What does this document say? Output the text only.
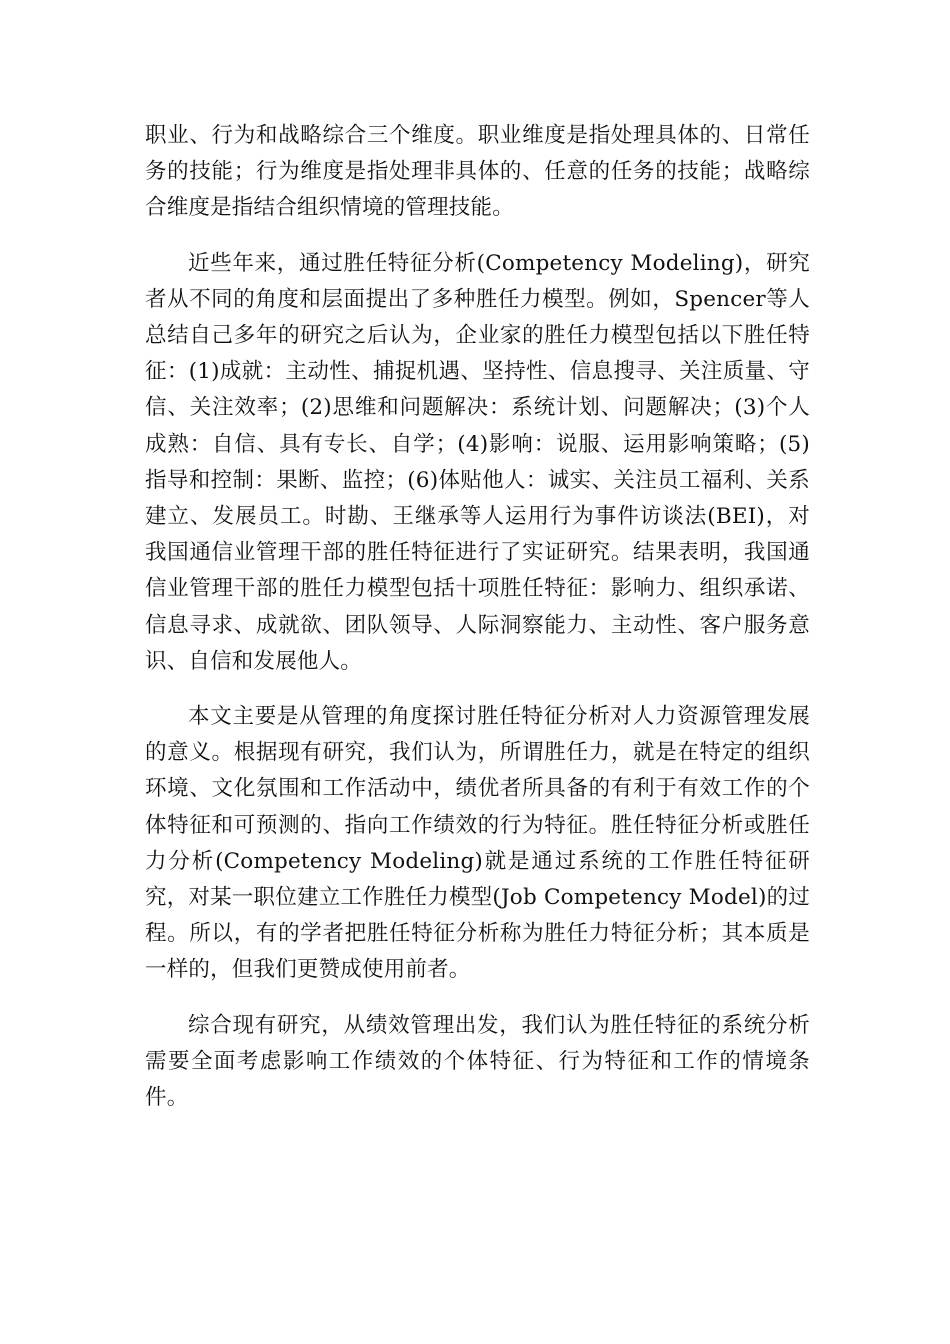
职业、行为和战略综合三个维度。职业维度是指处理具体的、日常任务的技能；行为维度是指处理非具体的、任意的任务的技能；战略综合维度是指结合组织情境的管理技能。

近些年来，通过胜任特征分析(Competency Modeling)，研究者从不同的角度和层面提出了多种胜任力模型。例如，Spencer等人总结自己多年的研究之后认为，企业家的胜任力模型包括以下胜任特征：(1)成就：主动性、捕捉机遇、坚持性、信息搜寻、关注质量、守信、关注效率；(2)思维和问题解决：系统计划、问题解决；(3)个人成熟：自信、具有专长、自学；(4)影响：说服、运用影响策略；(5)指导和控制：果断、监控；(6)体贴他人：诚实、关注员工福利、关系建立、发展员工。时勘、王继承等人运用行为事件访谈法(BEI)，对我国通信业管理干部的胜任特征进行了实证研究。结果表明，我国通信业管理干部的胜任力模型包括十项胜任特征：影响力、组织承诺、信息寻求、成就欲、团队领导、人际洞察能力、主动性、客户服务意识、自信和发展他人。

本文主要是从管理的角度探讨胜任特征分析对人力资源管理发展的意义。根据现有研究，我们认为，所谓胜任力，就是在特定的组织环境、文化氛围和工作活动中，绩优者所具备的有利于有效工作的个体特征和可预测的、指向工作绩效的行为特征。胜任特征分析或胜任力分析(Competency Modeling)就是通过系统的工作胜任特征研究，对某一职位建立工作胜任力模型(Job Competency Model)的过程。所以，有的学者把胜任特征分析称为胜任力特征分析；其本质是一样的，但我们更赞成使用前者。

综合现有研究，从绩效管理出发，我们认为胜任特征的系统分析需要全面考虑影响工作绩效的个体特征、行为特征和工作的情境条件。
